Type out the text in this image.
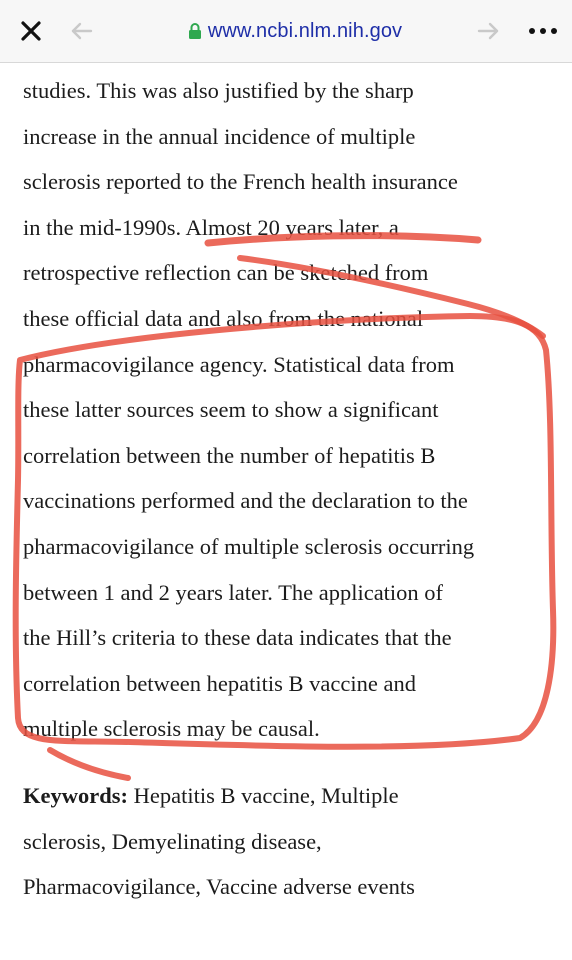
www.ncbi.nlm.nih.gov
studies. This was also justified by the sharp
increase in the annual incidence of multiple
sclerosis reported to the French health insurance
in the mid-1990s. Almost 20 years later, a
retrospective reflection can be sketched from
these official data and also from the national
pharmacovigilance agency. Statistical data from
these latter sources seem to show a significant
correlation between the number of hepatitis B
vaccinations performed and the declaration to the
pharmacovigilance of multiple sclerosis occurring
between 1 and 2 years later. The application of
the Hill’s criteria to these data indicates that the
correlation between hepatitis B vaccine and
multiple sclerosis may be causal.
Keywords: Hepatitis B vaccine, Multiple
sclerosis, Demyelinating disease,
Pharmacovigilance, Vaccine adverse events
